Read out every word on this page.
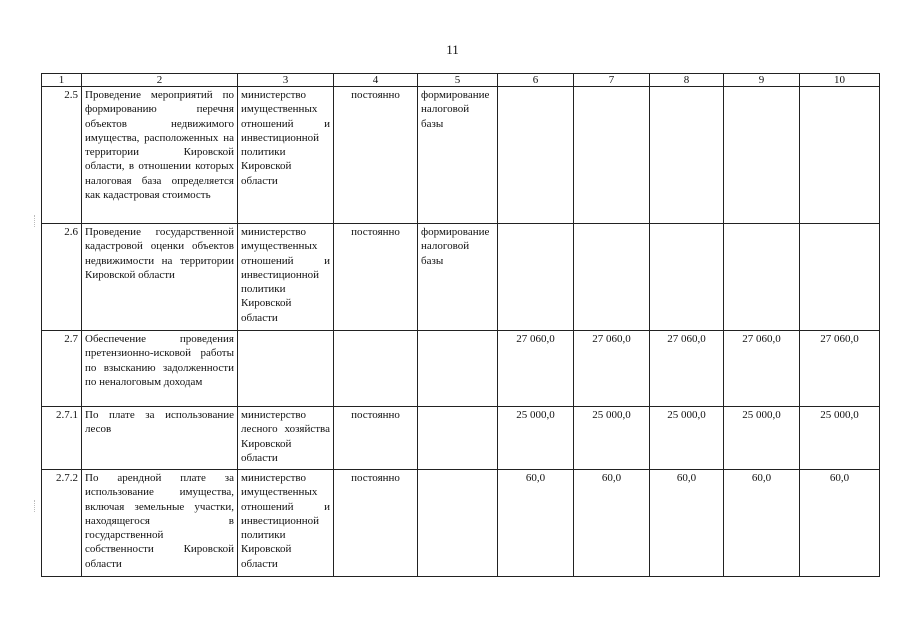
11
1	2	3	4	5	6	7	8	9	10
2.5	Проведение мероприятий по формированию перечня объектов недвижимого имущества, расположенных на территории Кировской области, в отношении которых налоговая база определяется как кадастровая стоимость	министерство имущественных отношений и инвестиционной политики Кировской области	постоянно	формирование налоговой базы					
2.6	Проведение государственной кадастровой оценки объектов недвижимости на территории Кировской области	министерство имущественных отношений и инвестиционной политики Кировской области	постоянно	формирование налоговой базы					
2.7	Обеспечение проведения претензионно-исковой работы по взысканию задолженности по неналоговым доходам				27 060,0	27 060,0	27 060,0	27 060,0	27 060,0
2.7.1	По плате за использование лесов	министерство лесного хозяйства Кировской области	постоянно		25 000,0	25 000,0	25 000,0	25 000,0	25 000,0
2.7.2	По арендной плате за использование имущества, включая земельные участки, находящегося в государственной собственности Кировской области	министерство имущественных отношений и инвестиционной политики Кировской области	постоянно		60,0	60,0	60,0	60,0	60,0
